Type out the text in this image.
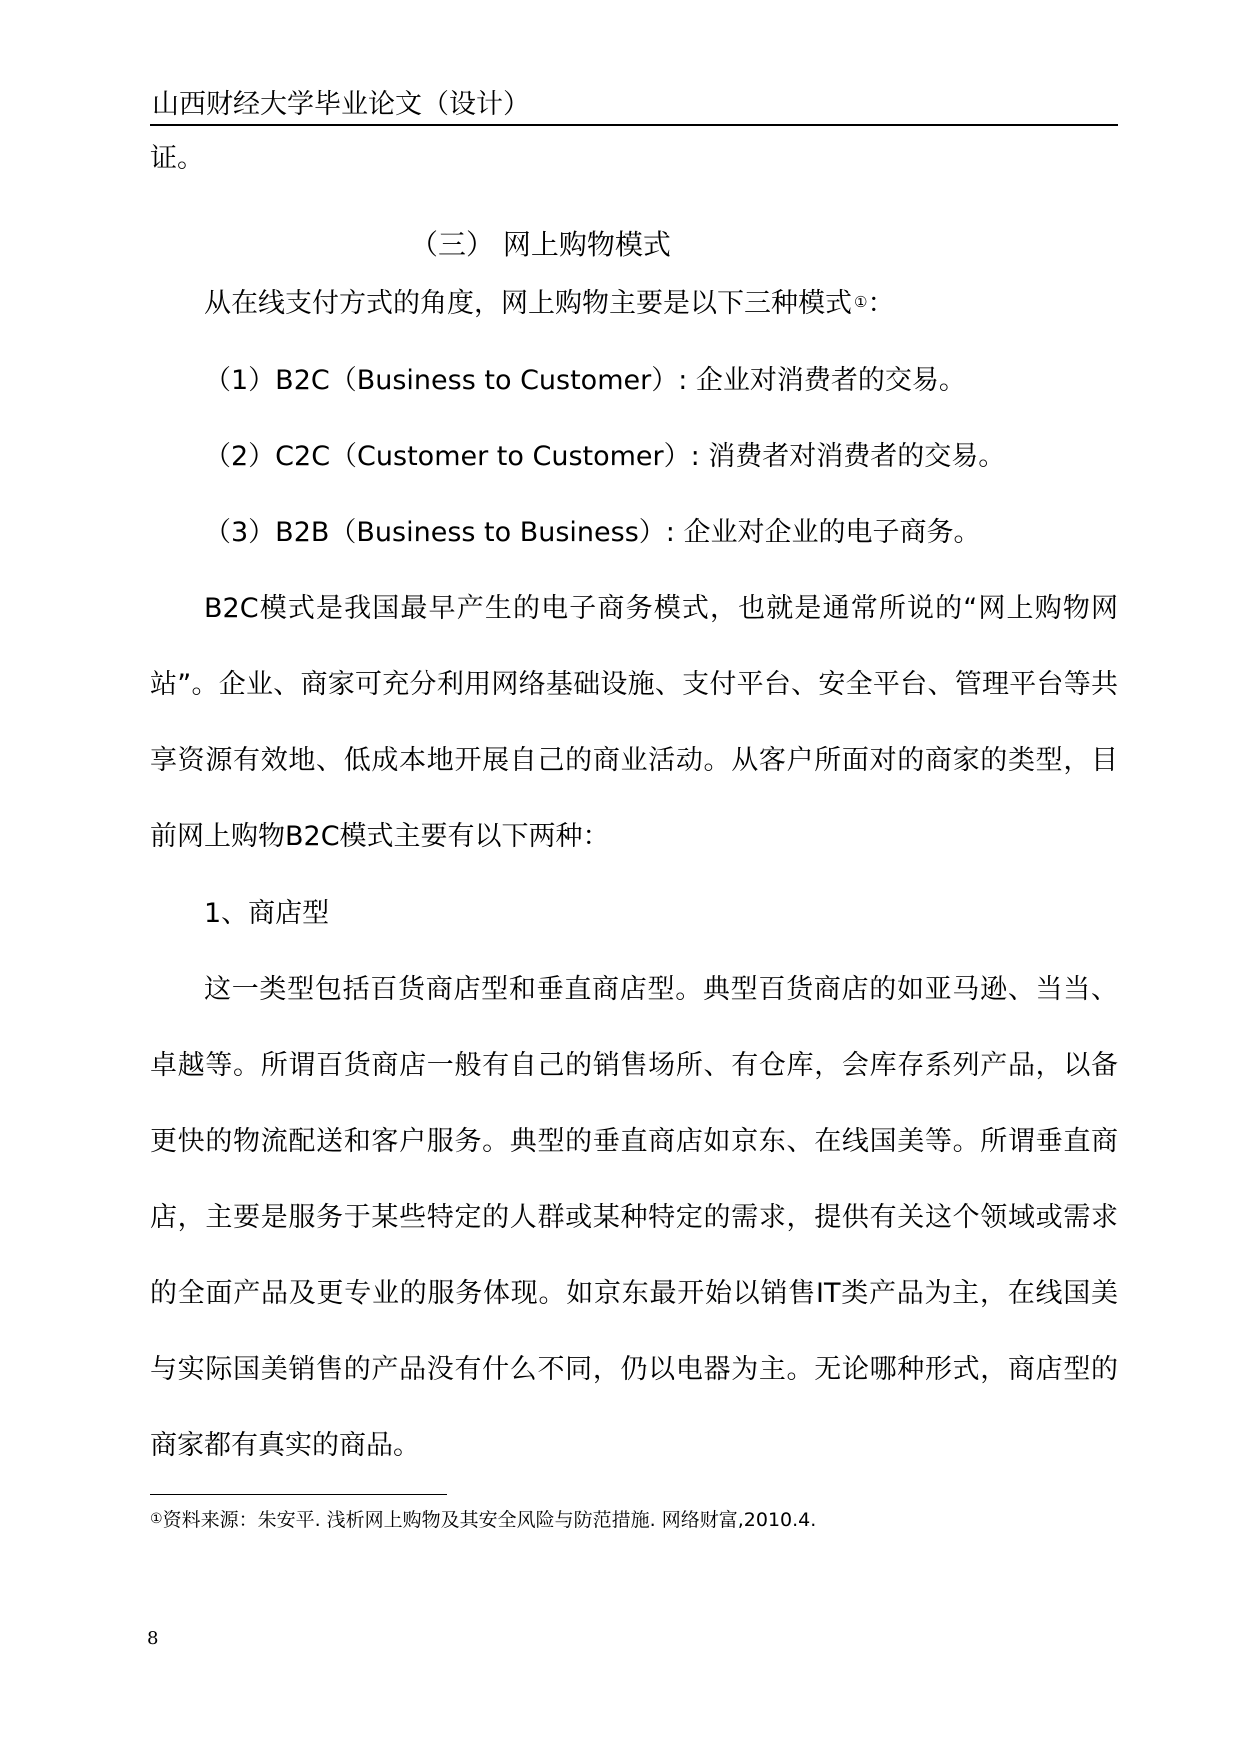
山西财经大学毕业论文（设计）
证。
（三） 网上购物模式
从在线支付方式的角度，网上购物主要是以下三种模式 ①：
（1）B2C（Business to Customer）: 企业对消费者的交易。
（2）C2C（Customer to Customer）: 消费者对消费者的交易。
（3）B2B（Business to Business）: 企业对企业的电子商务。

B2C模式是我国最早产生的电子商务模式，也就是通常所说的“网上购物网站”。企业、商家可充分利用网络基础设施、支付平台、安全平台、管理平台等共享资源有效地、低成本地开展自己的商业活动。从客户所面对的商家的类型，目前网上购物B2C模式主要有以下两种：

1、商店型

这一类型包括百货商店型和垂直商店型。典型百货商店的如亚马逊、当当、卓越等。所谓百货商店一般有自己的销售场所、有仓库，会库存系列产品，以备更快的物流配送和客户服务。典型的垂直商店如京东、在线国美等。所谓垂直商店，主要是服务于某些特定的人群或某种特定的需求，提供有关这个领域或需求的全面产品及更专业的服务体现。如京东最开始以销售IT类产品为主，在线国美与实际国美销售的产品没有什么不同，仍以电器为主。无论哪种形式，商店型的商家都有真实的商品。

①资料来源：朱安平. 浅析网上购物及其安全风险与防范措施. 网络财富,2010.4.
8
